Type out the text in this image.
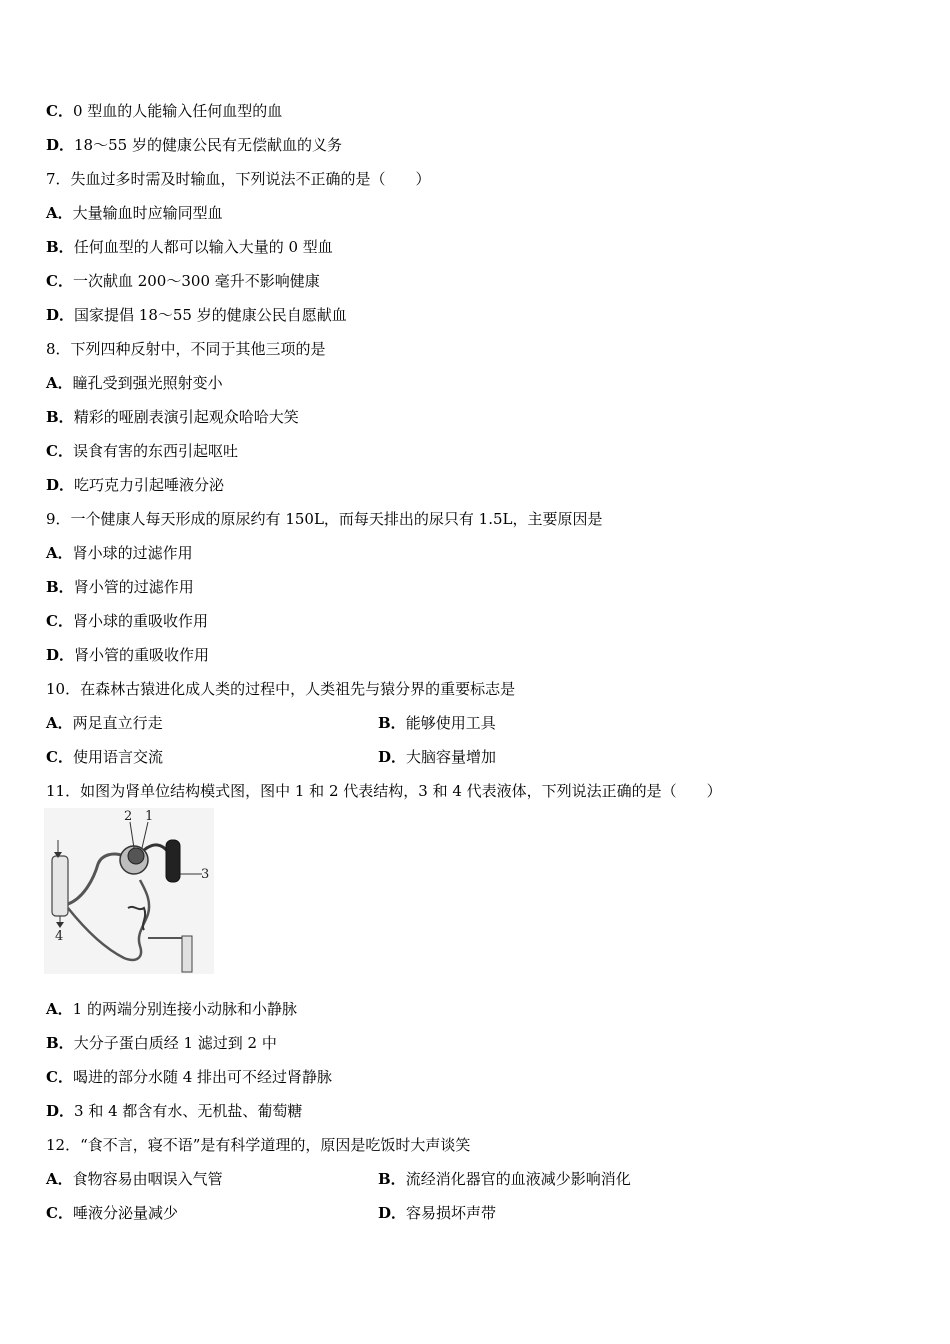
C．0 型血的人能输入任何血型的血
D．18～55 岁的健康公民有无偿献血的义务
7．失血过多时需及时输血，下列说法不正确的是（　　）
A．大量输血时应输同型血
B．任何血型的人都可以输入大量的 0 型血
C．一次献血 200～300 毫升不影响健康
D．国家提倡 18～55 岁的健康公民自愿献血
8．下列四种反射中，不同于其他三项的是
A．瞳孔受到强光照射变小
B．精彩的哑剧表演引起观众哈哈大笑
C．误食有害的东西引起呕吐
D．吃巧克力引起唾液分泌
9．一个健康人每天形成的原尿约有 150L，而每天排出的尿只有 1.5L，主要原因是
A．肾小球的过滤作用
B．肾小管的过滤作用
C．肾小球的重吸收作用
D．肾小管的重吸收作用
10．在森林古猿进化成人类的过程中，人类祖先与猿分界的重要标志是
A．两足直立行走	B．能够使用工具
C．使用语言交流	D．大脑容量增加
11．如图为肾单位结构模式图，图中 1 和 2 代表结构，3 和 4 代表液体，下列说法正确的是（　　）
2 1
3
4
A．1 的两端分别连接小动脉和小静脉
B．大分子蛋白质经 1 滤过到 2 中
C．喝进的部分水随 4 排出可不经过肾静脉
D．3 和 4 都含有水、无机盐、葡萄糖
12．“食不言，寝不语”是有科学道理的，原因是吃饭时大声谈笑
A．食物容易由咽误入气管	B．流经消化器官的血液减少影响消化
C．唾液分泌量减少	D．容易损坏声带
